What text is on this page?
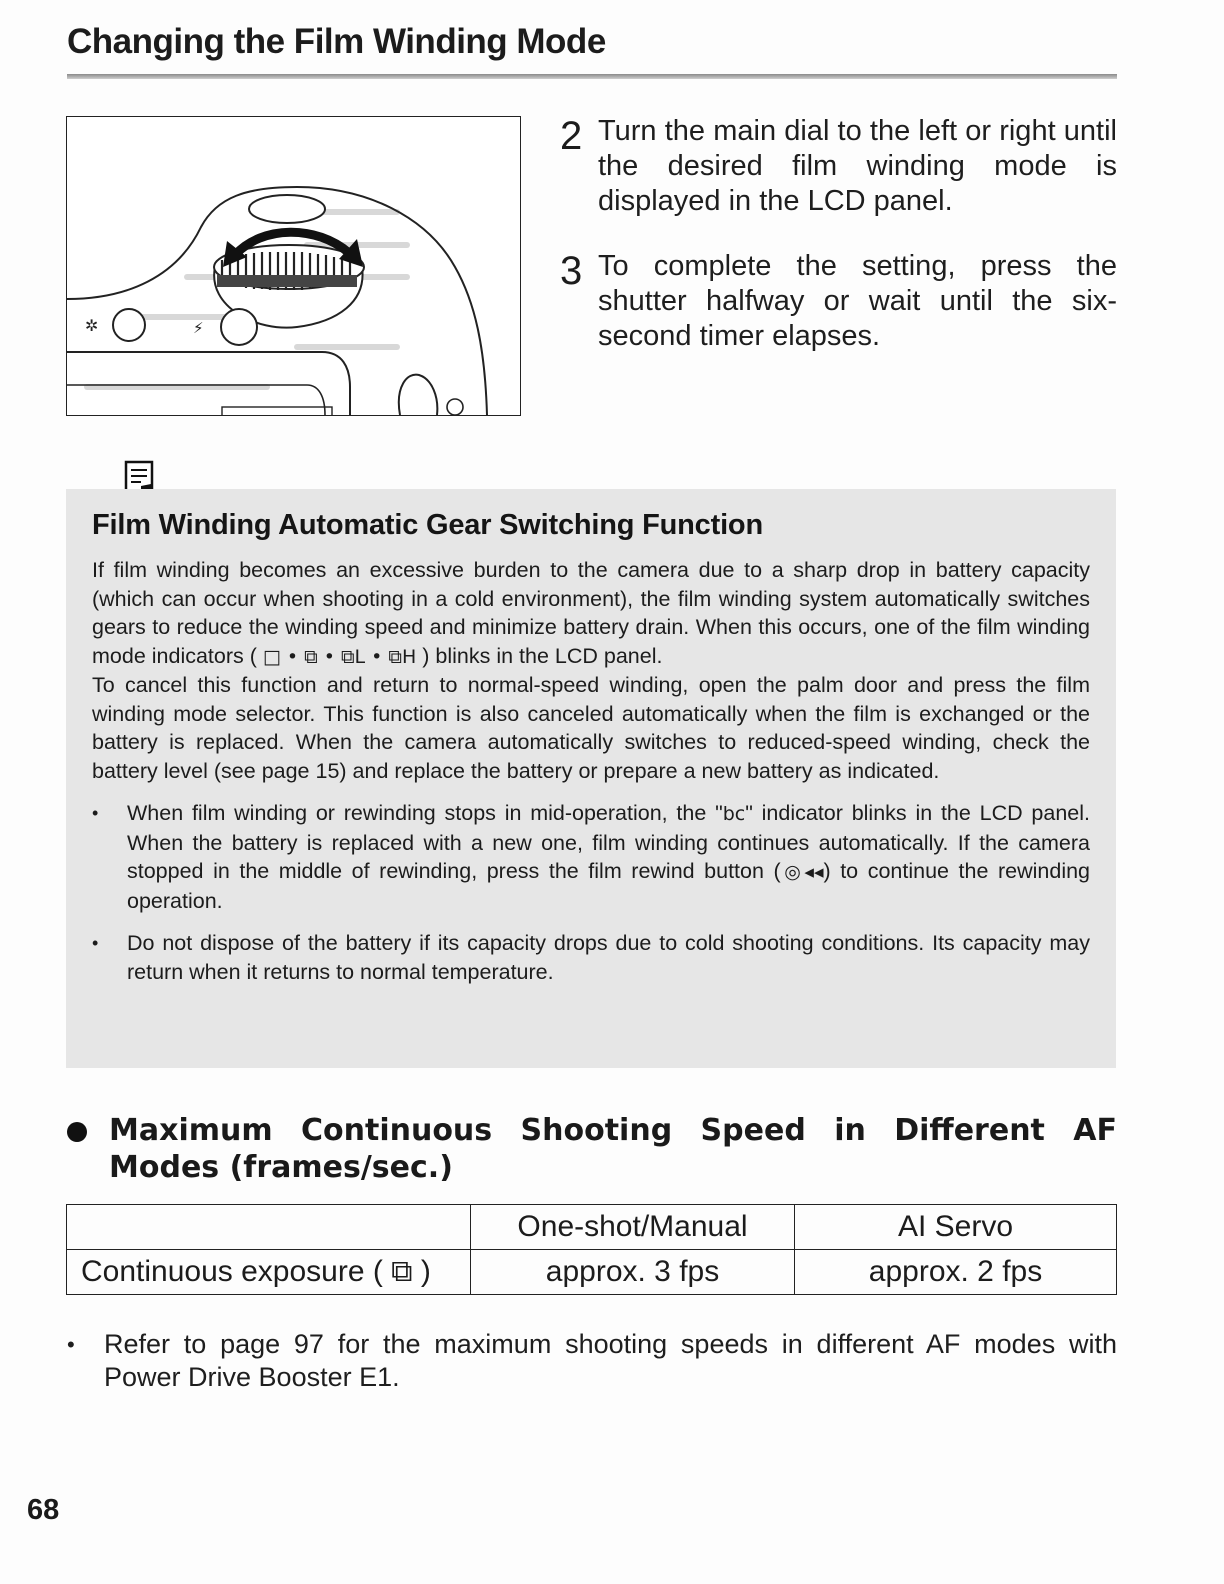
Changing the Film Winding Mode
✲	⚡
2 Turn the main dial to the left or right until the desired film winding mode is displayed in the LCD panel.
3 To complete the setting, press the shutter halfway or wait until the six-second timer elapses.
Film Winding Automatic Gear Switching Function

If film winding becomes an excessive burden to the camera due to a sharp drop in battery capacity (which can occur when shooting in a cold environment), the film winding system automatically switches gears to reduce the winding speed and minimize battery drain. When this occurs, one of the film winding mode indicators ( □ • ⧉ • ⧉L • ⧉H ) blinks in the LCD panel.

To cancel this function and return to normal-speed winding, open the palm door and press the film winding mode selector. This function is also canceled automatically when the film is exchanged or the battery is replaced. When the camera automatically switches to reduced-speed winding, check the battery level (see page 15) and replace the battery or prepare a new battery as indicated.

• When film winding or rewinding stops in mid-operation, the "bc" indicator blinks in the LCD panel. When the battery is replaced with a new one, film winding continues automatically. If the camera stopped in the middle of rewinding, press the film rewind button (◎◂◂) to continue the rewinding operation.
• Do not dispose of the battery if its capacity drops due to cold shooting conditions. Its capacity may return when it returns to normal temperature.
Maximum Continuous Shooting Speed in Different AF Modes (frames/sec.)
	One-shot/Manual	AI Servo
Continuous exposure ( ⧉ )	approx. 3 fps	approx. 2 fps
• Refer to page 97 for the maximum shooting speeds in different AF modes with Power Drive Booster E1.
68
